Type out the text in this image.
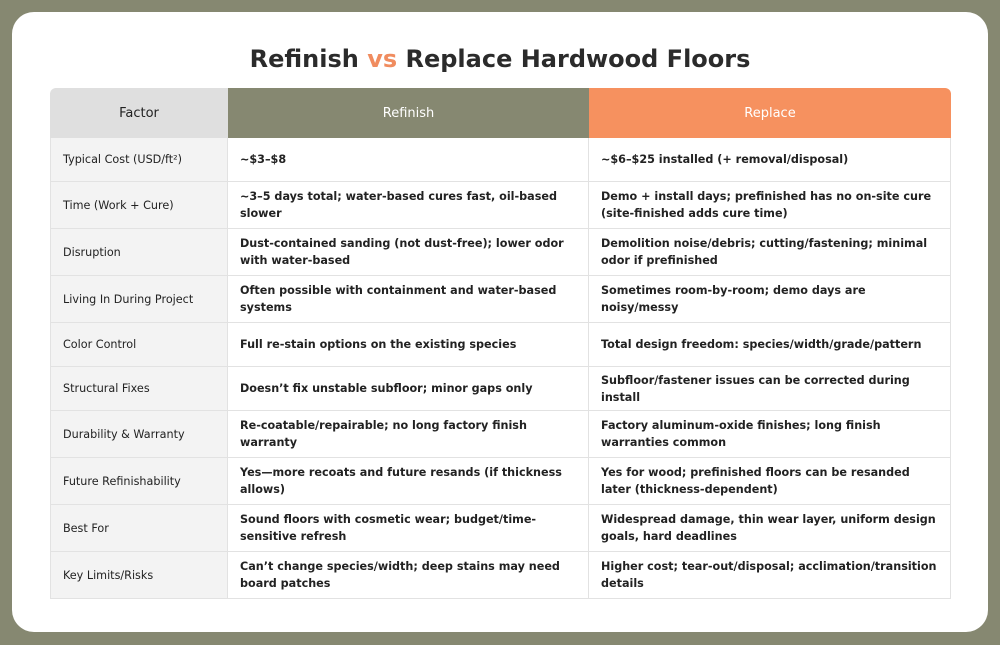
Refinish vs Replace Hardwood Floors
Factor	Refinish	Replace
Typical Cost (USD/ft²)	~$3–$8	~$6–$25 installed (+ removal/disposal)
Time (Work + Cure)	~3–5 days total; water-based cures fast, oil-based slower	Demo + install days; prefinished has no on-site cure (site-finished adds cure time)
Disruption	Dust-contained sanding (not dust-free); lower odor with water-based	Demolition noise/debris; cutting/fastening; minimal odor if prefinished
Living In During Project	Often possible with containment and water-based systems	Sometimes room-by-room; demo days are noisy/messy
Color Control	Full re-stain options on the existing species	Total design freedom: species/width/grade/pattern
Structural Fixes	Doesn’t fix unstable subfloor; minor gaps only	Subfloor/fastener issues can be corrected during install
Durability & Warranty	Re-coatable/repairable; no long factory finish warranty	Factory aluminum-oxide finishes; long finish warranties common
Future Refinishability	Yes—more recoats and future resands (if thickness allows)	Yes for wood; prefinished floors can be resanded later (thickness-dependent)
Best For	Sound floors with cosmetic wear; budget/time-sensitive refresh	Widespread damage, thin wear layer, uniform design goals, hard deadlines
Key Limits/Risks	Can’t change species/width; deep stains may need board patches	Higher cost; tear-out/disposal; acclimation/transition details
